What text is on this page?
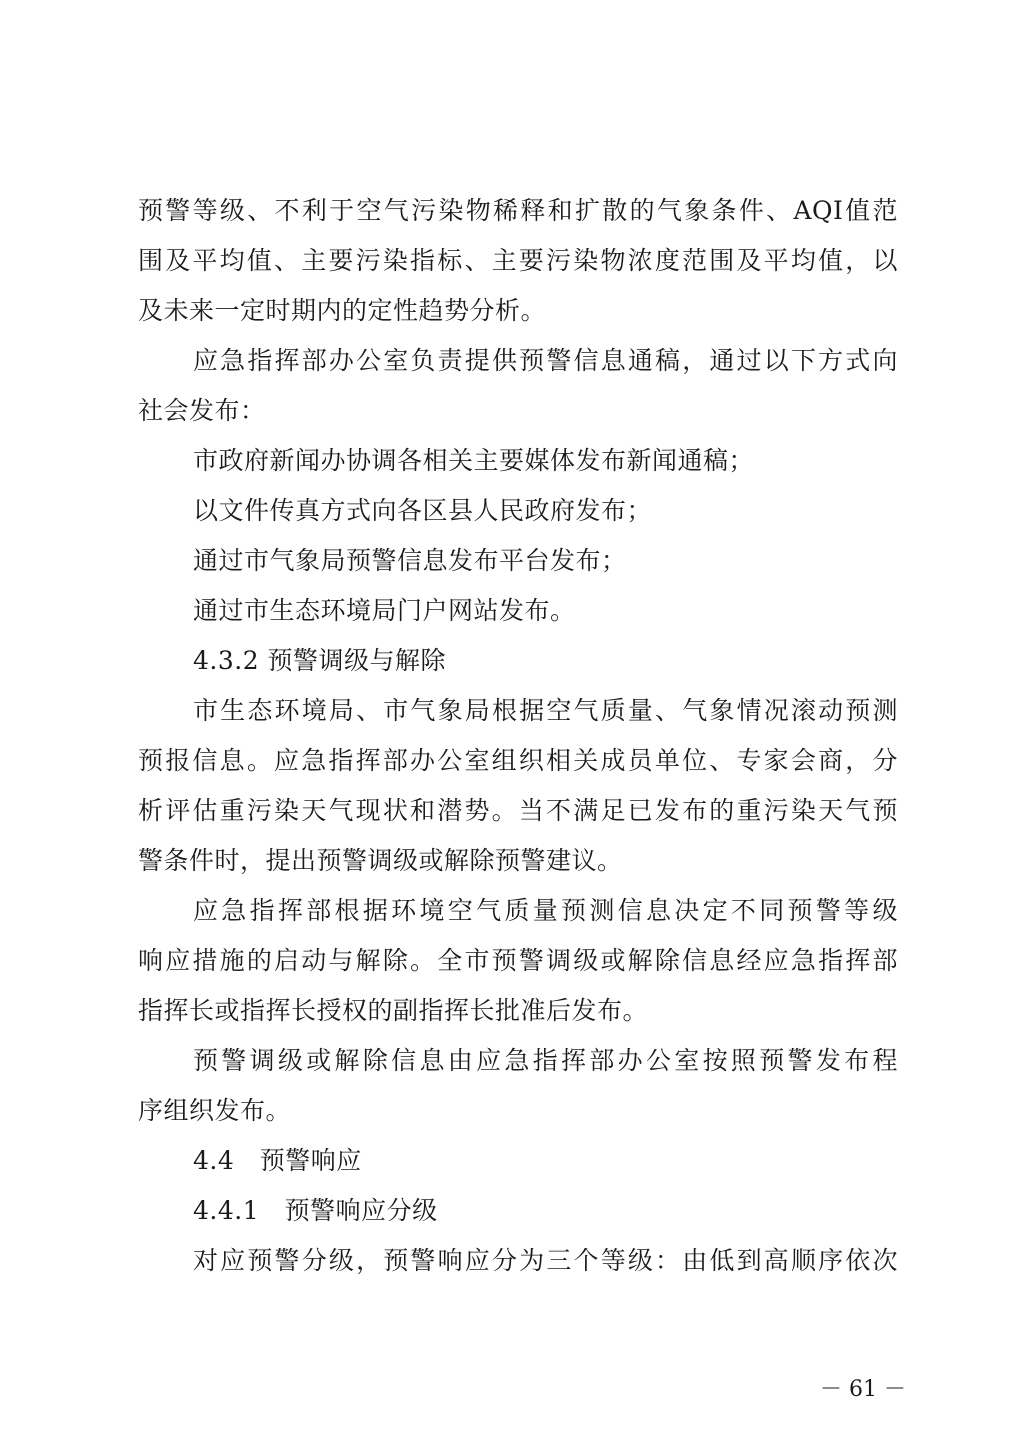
预警等级、不利于空气污染物稀释和扩散的气象条件、AQI值范

围及平均值、主要污染指标、主要污染物浓度范围及平均值，以

及未来一定时期内的定性趋势分析。

应急指挥部办公室负责提供预警信息通稿，通过以下方式向

社会发布：

市政府新闻办协调各相关主要媒体发布新闻通稿；

以文件传真方式向各区县人民政府发布；

通过市气象局预警信息发布平台发布；

通过市生态环境局门户网站发布。

4.3.2 预警调级与解除

市生态环境局、市气象局根据空气质量、气象情况滚动预测

预报信息。应急指挥部办公室组织相关成员单位、专家会商，分

析评估重污染天气现状和潜势。当不满足已发布的重污染天气预

警条件时，提出预警调级或解除预警建议。

应急指挥部根据环境空气质量预测信息决定不同预警等级

响应措施的启动与解除。全市预警调级或解除信息经应急指挥部

指挥长或指挥长授权的副指挥长批准后发布。

预警调级或解除信息由应急指挥部办公室按照预警发布程

序组织发布。

4.4　预警响应

4.4.1　预警响应分级

对应预警分级，预警响应分为三个等级：由低到高顺序依次

－ 61 －
